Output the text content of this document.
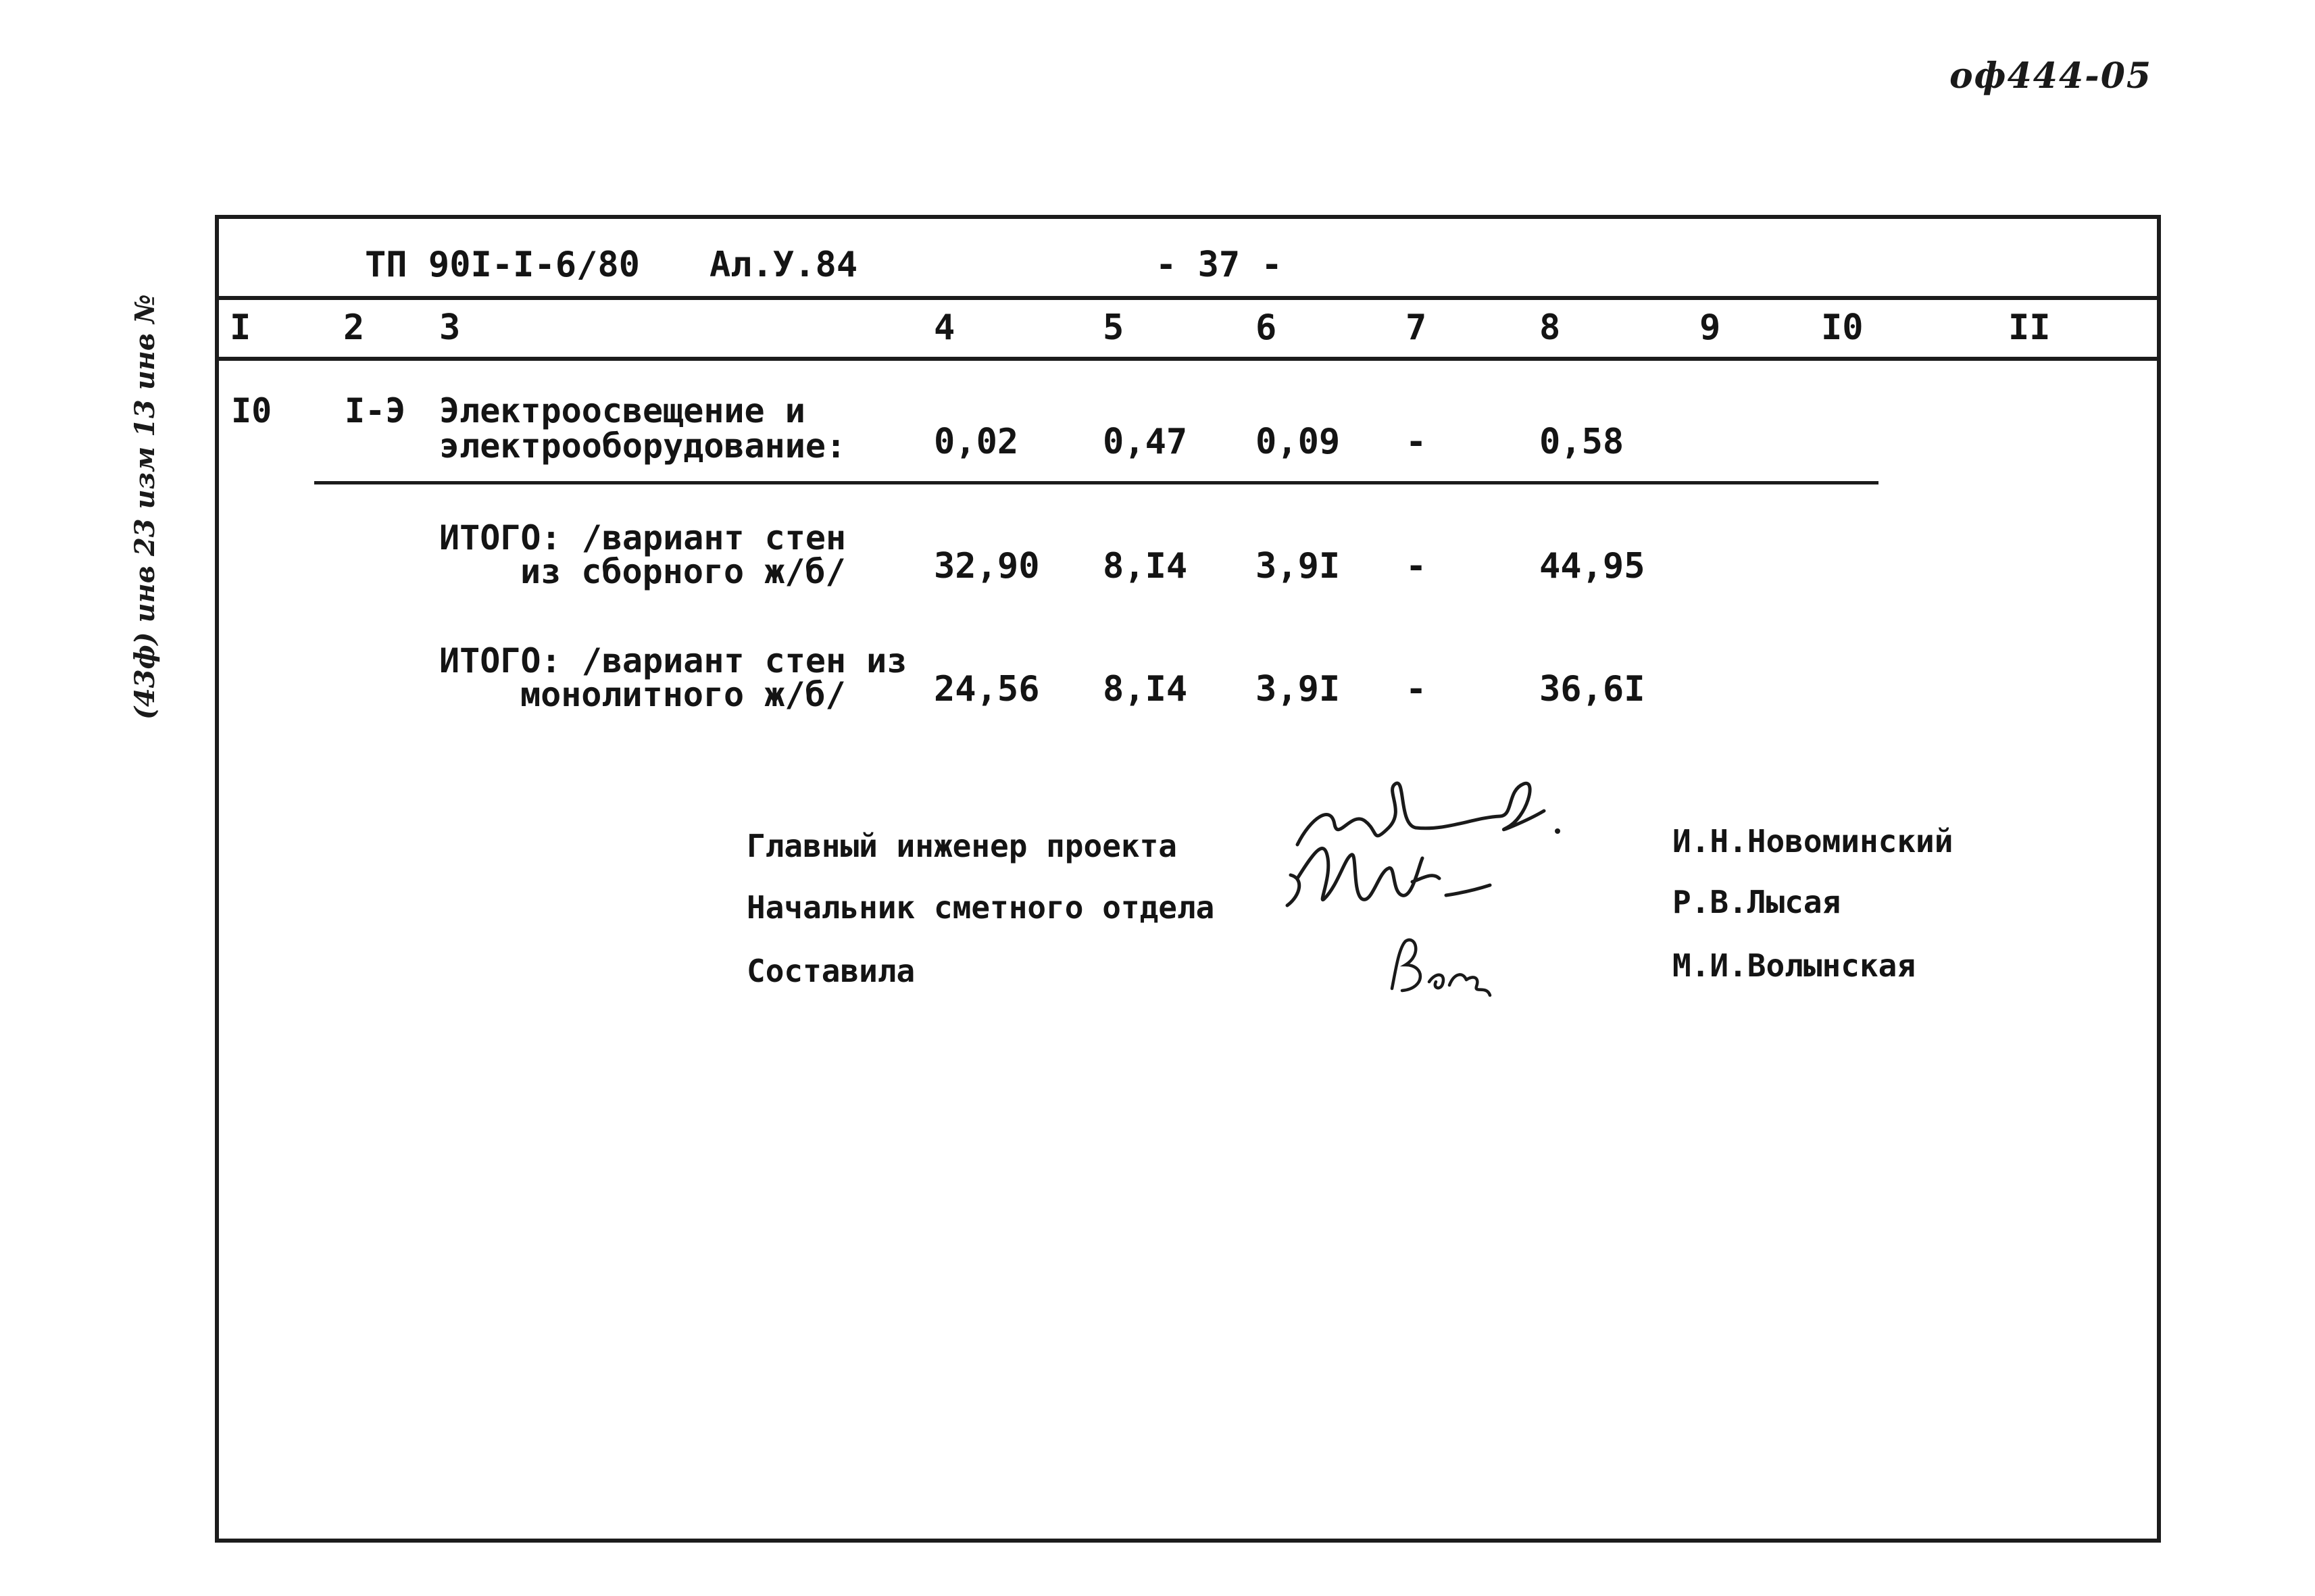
оф444-05
(43ф) инв 23 изм 13 инв №
ТП 90I-I-6/80 Ал.У.84	- 37 -
I	2 3	4	5	6	7	8	9	I0	II
I0 I-Э Электроосвещение и
электрооборудование: 0,02 0,47 0,09 -	0,58
ИТОГО: /вариант стен
из сборного ж/б/	32,90 8,I4 3,9I -	44,95
ИТОГО: /вариант стен из
монолитного ж/б/	24,56 8,I4 3,9I -	36,6I
Главный инженер проекта
Начальник сметного отдела
Составила
И.Н.Новоминский
Р.В.Лысая
М.И.Волынская
